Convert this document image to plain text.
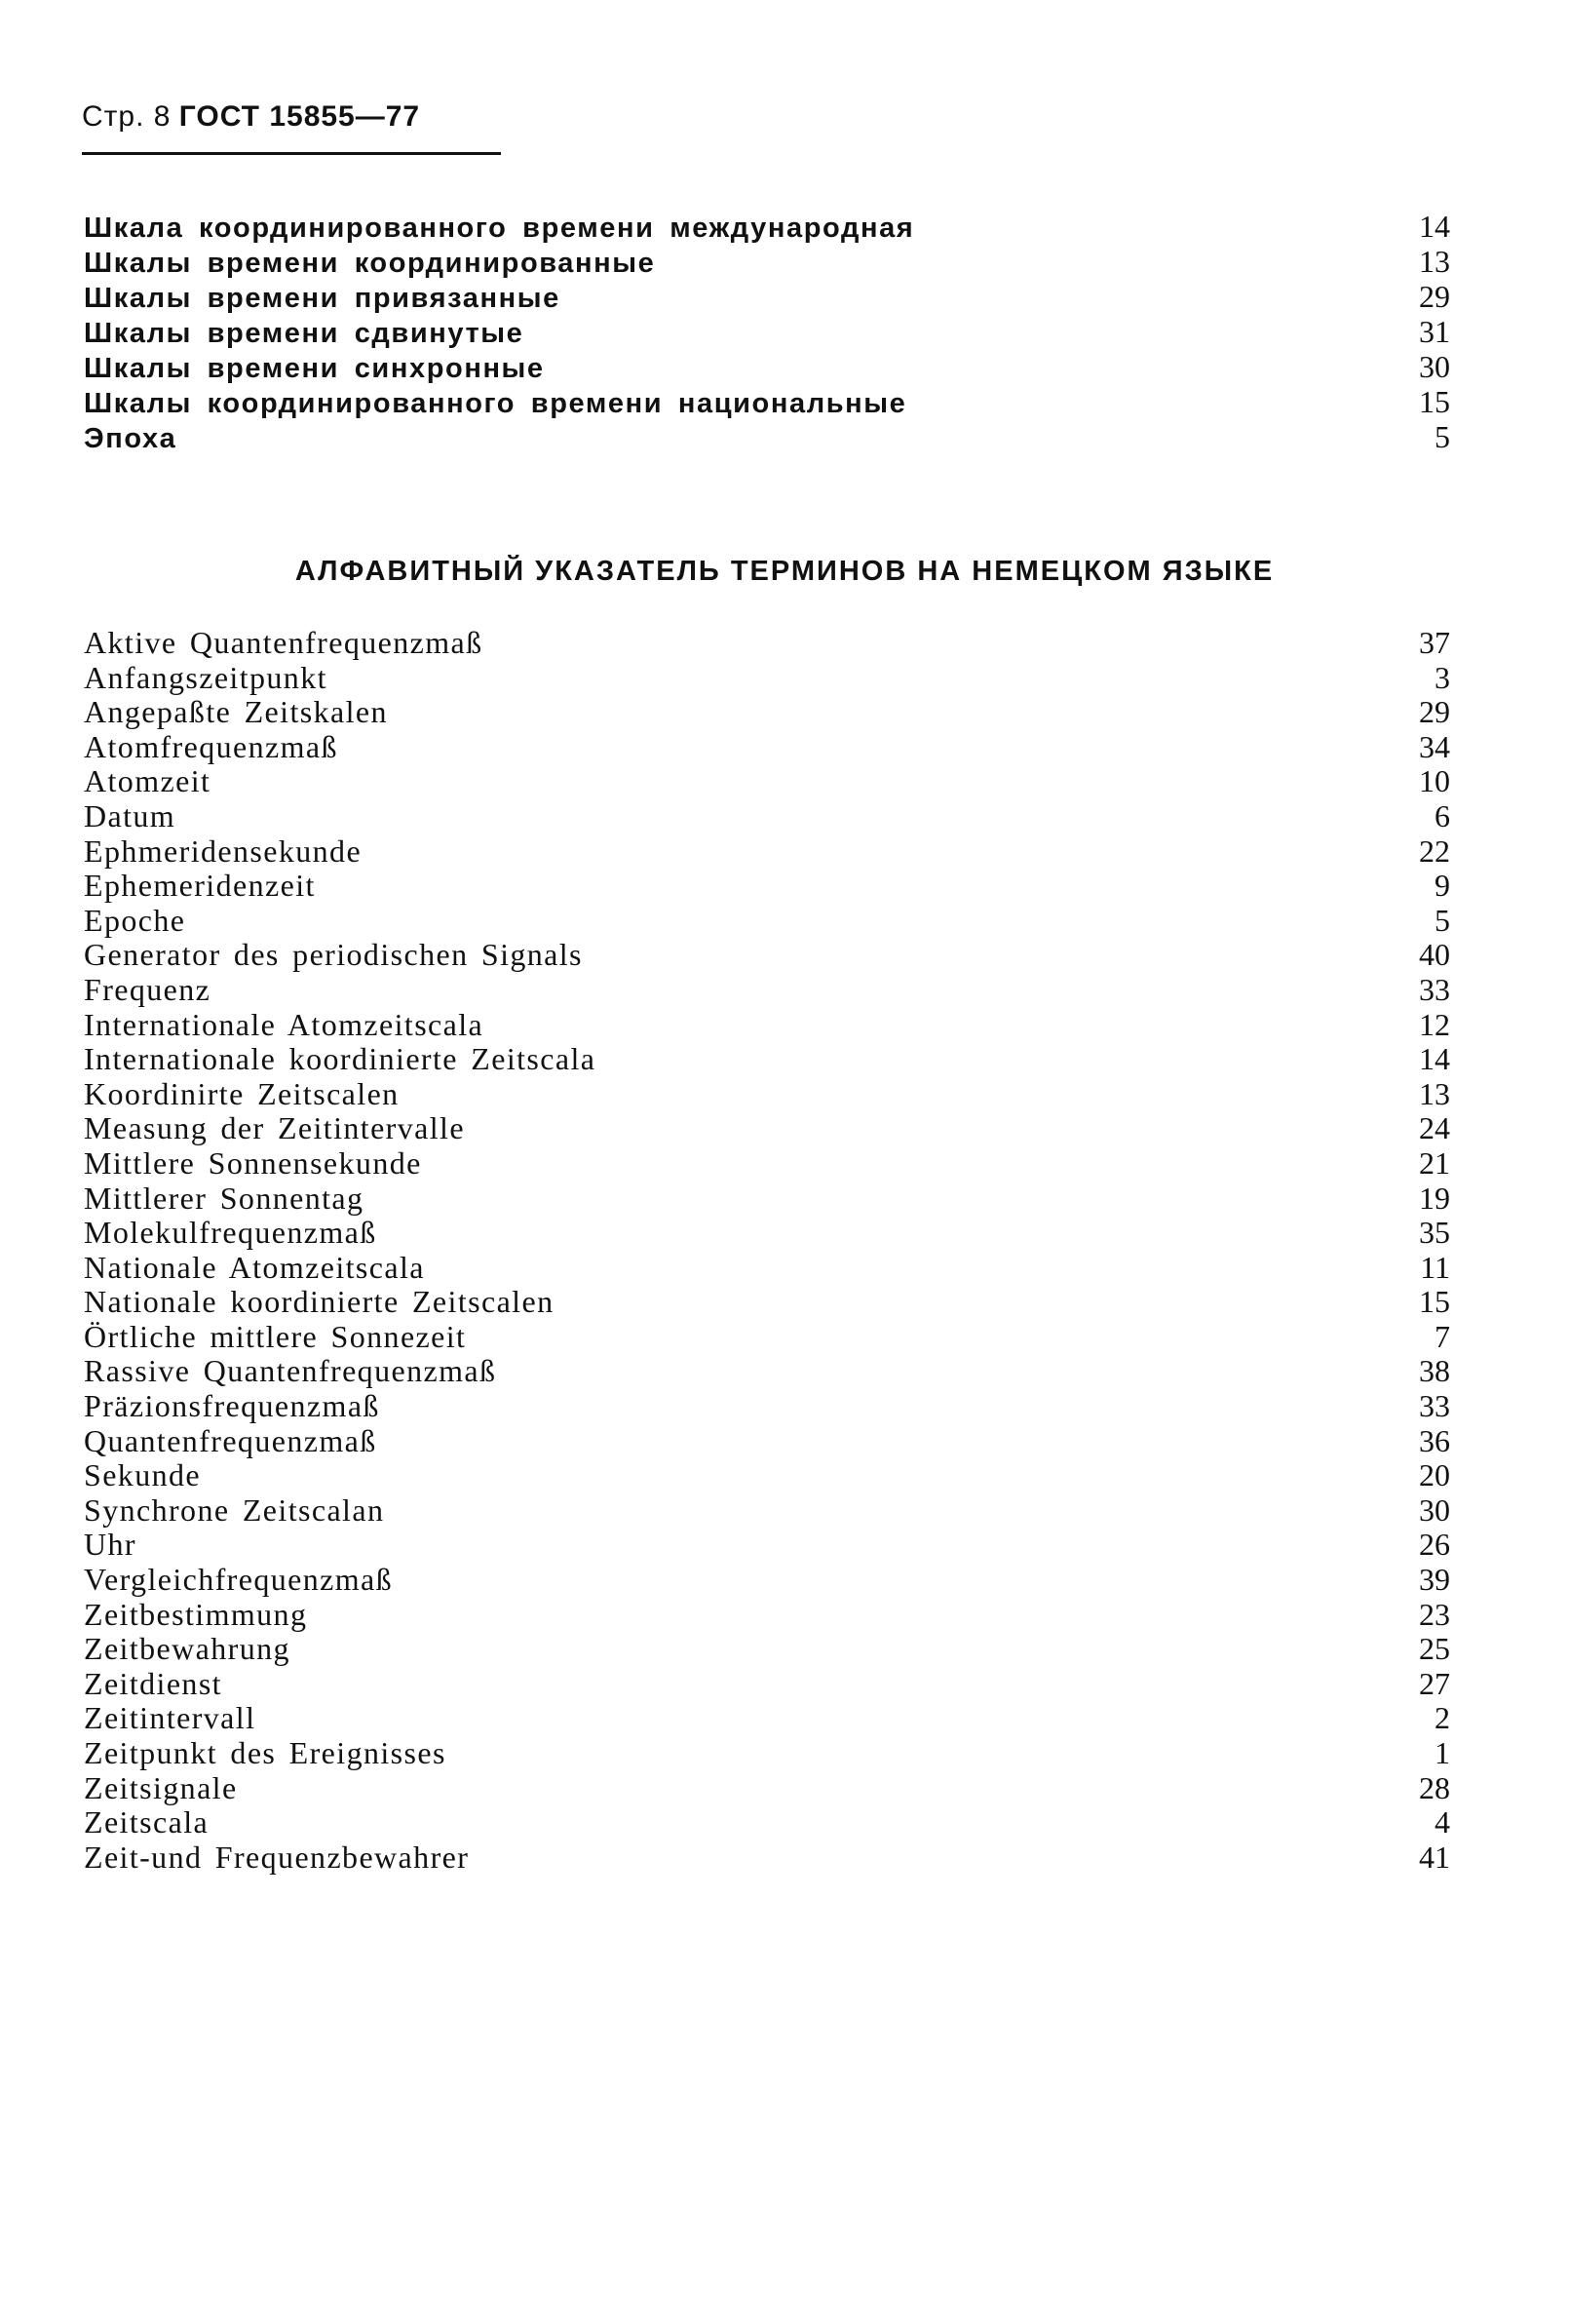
Стр. 8 ГОСТ 15855—77
Шкала координированного времени международная	14
Шкалы времени координированные	13
Шкалы времени привязанные	29
Шкалы времени сдвинутые	31
Шкалы времени синхронные	30
Шкалы координированного времени национальные	15
Эпоха	5
АЛФАВИТНЫЙ УКАЗАТЕЛЬ ТЕРМИНОВ НА НЕМЕЦКОМ ЯЗЫКЕ
Aktive Quantenfrequenzmaß	37
Anfangszeitpunkt	3
Angepaßte Zeitskalen	29
Atomfrequenzmaß	34
Atomzeit	10
Datum	6
Ephmeridensekunde	22
Ephemeridenzeit	9
Epoche	5
Generator des periodischen Signals	40
Frequenz	33
Internationale Atomzeitscala	12
Internationale koordinierte Zeitscala	14
Koordinirte Zeitscalen	13
Measung der Zeitintervalle	24
Mittlere Sonnensekunde	21
Mittlerer Sonnentag	19
Molekulfrequenzmaß	35
Nationale Atomzeitscala	11
Nationale koordinierte Zeitscalen	15
Örtliche mittlere Sonnezeit	7
Rassive Quantenfrequenzmaß	38
Präzionsfrequenzmaß	33
Quantenfrequenzmaß	36
Sekunde	20
Synchrone Zeitscalan	30
Uhr	26
Vergleichfrequenzmaß	39
Zeitbestimmung	23
Zeitbewahrung	25
Zeitdienst	27
Zeitintervall	2
Zeitpunkt des Ereignisses	1
Zeitsignale	28
Zeitscala	4
Zeit-und Frequenzbewahrer	41
